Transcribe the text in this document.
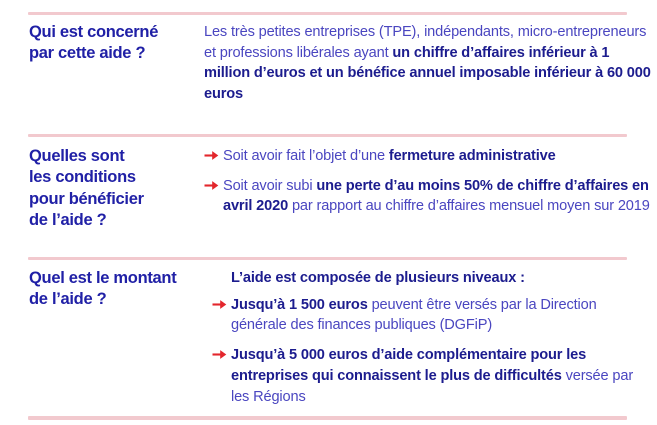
Qui est concerné
par cette aide ?

Les très petites entreprises (TPE), indépendants, micro-entrepreneurs et professions libérales ayant un chiffre d’affaires inférieur à 1 million d’euros et un bénéfice annuel imposable inférieur à 60 000 euros

Quelles sont
les conditions
pour bénéficier
de l’aide ?
Soit avoir fait l’objet d’une fermeture administrative
Soit avoir subi une perte d’au moins 50% de chiffre d’affaires en avril 2020 par rapport au chiffre d’affaires mensuel moyen sur 2019
Quel est le montant
de l’aide ?

L’aide est composée de plusieurs niveaux :

Jusqu’à 1 500 euros peuvent être versés par la Direction générale des finances publiques (DGFiP)
Jusqu’à 5 000 euros d’aide complémentaire pour les entreprises qui connaissent le plus de difficultés versée par les Régions
